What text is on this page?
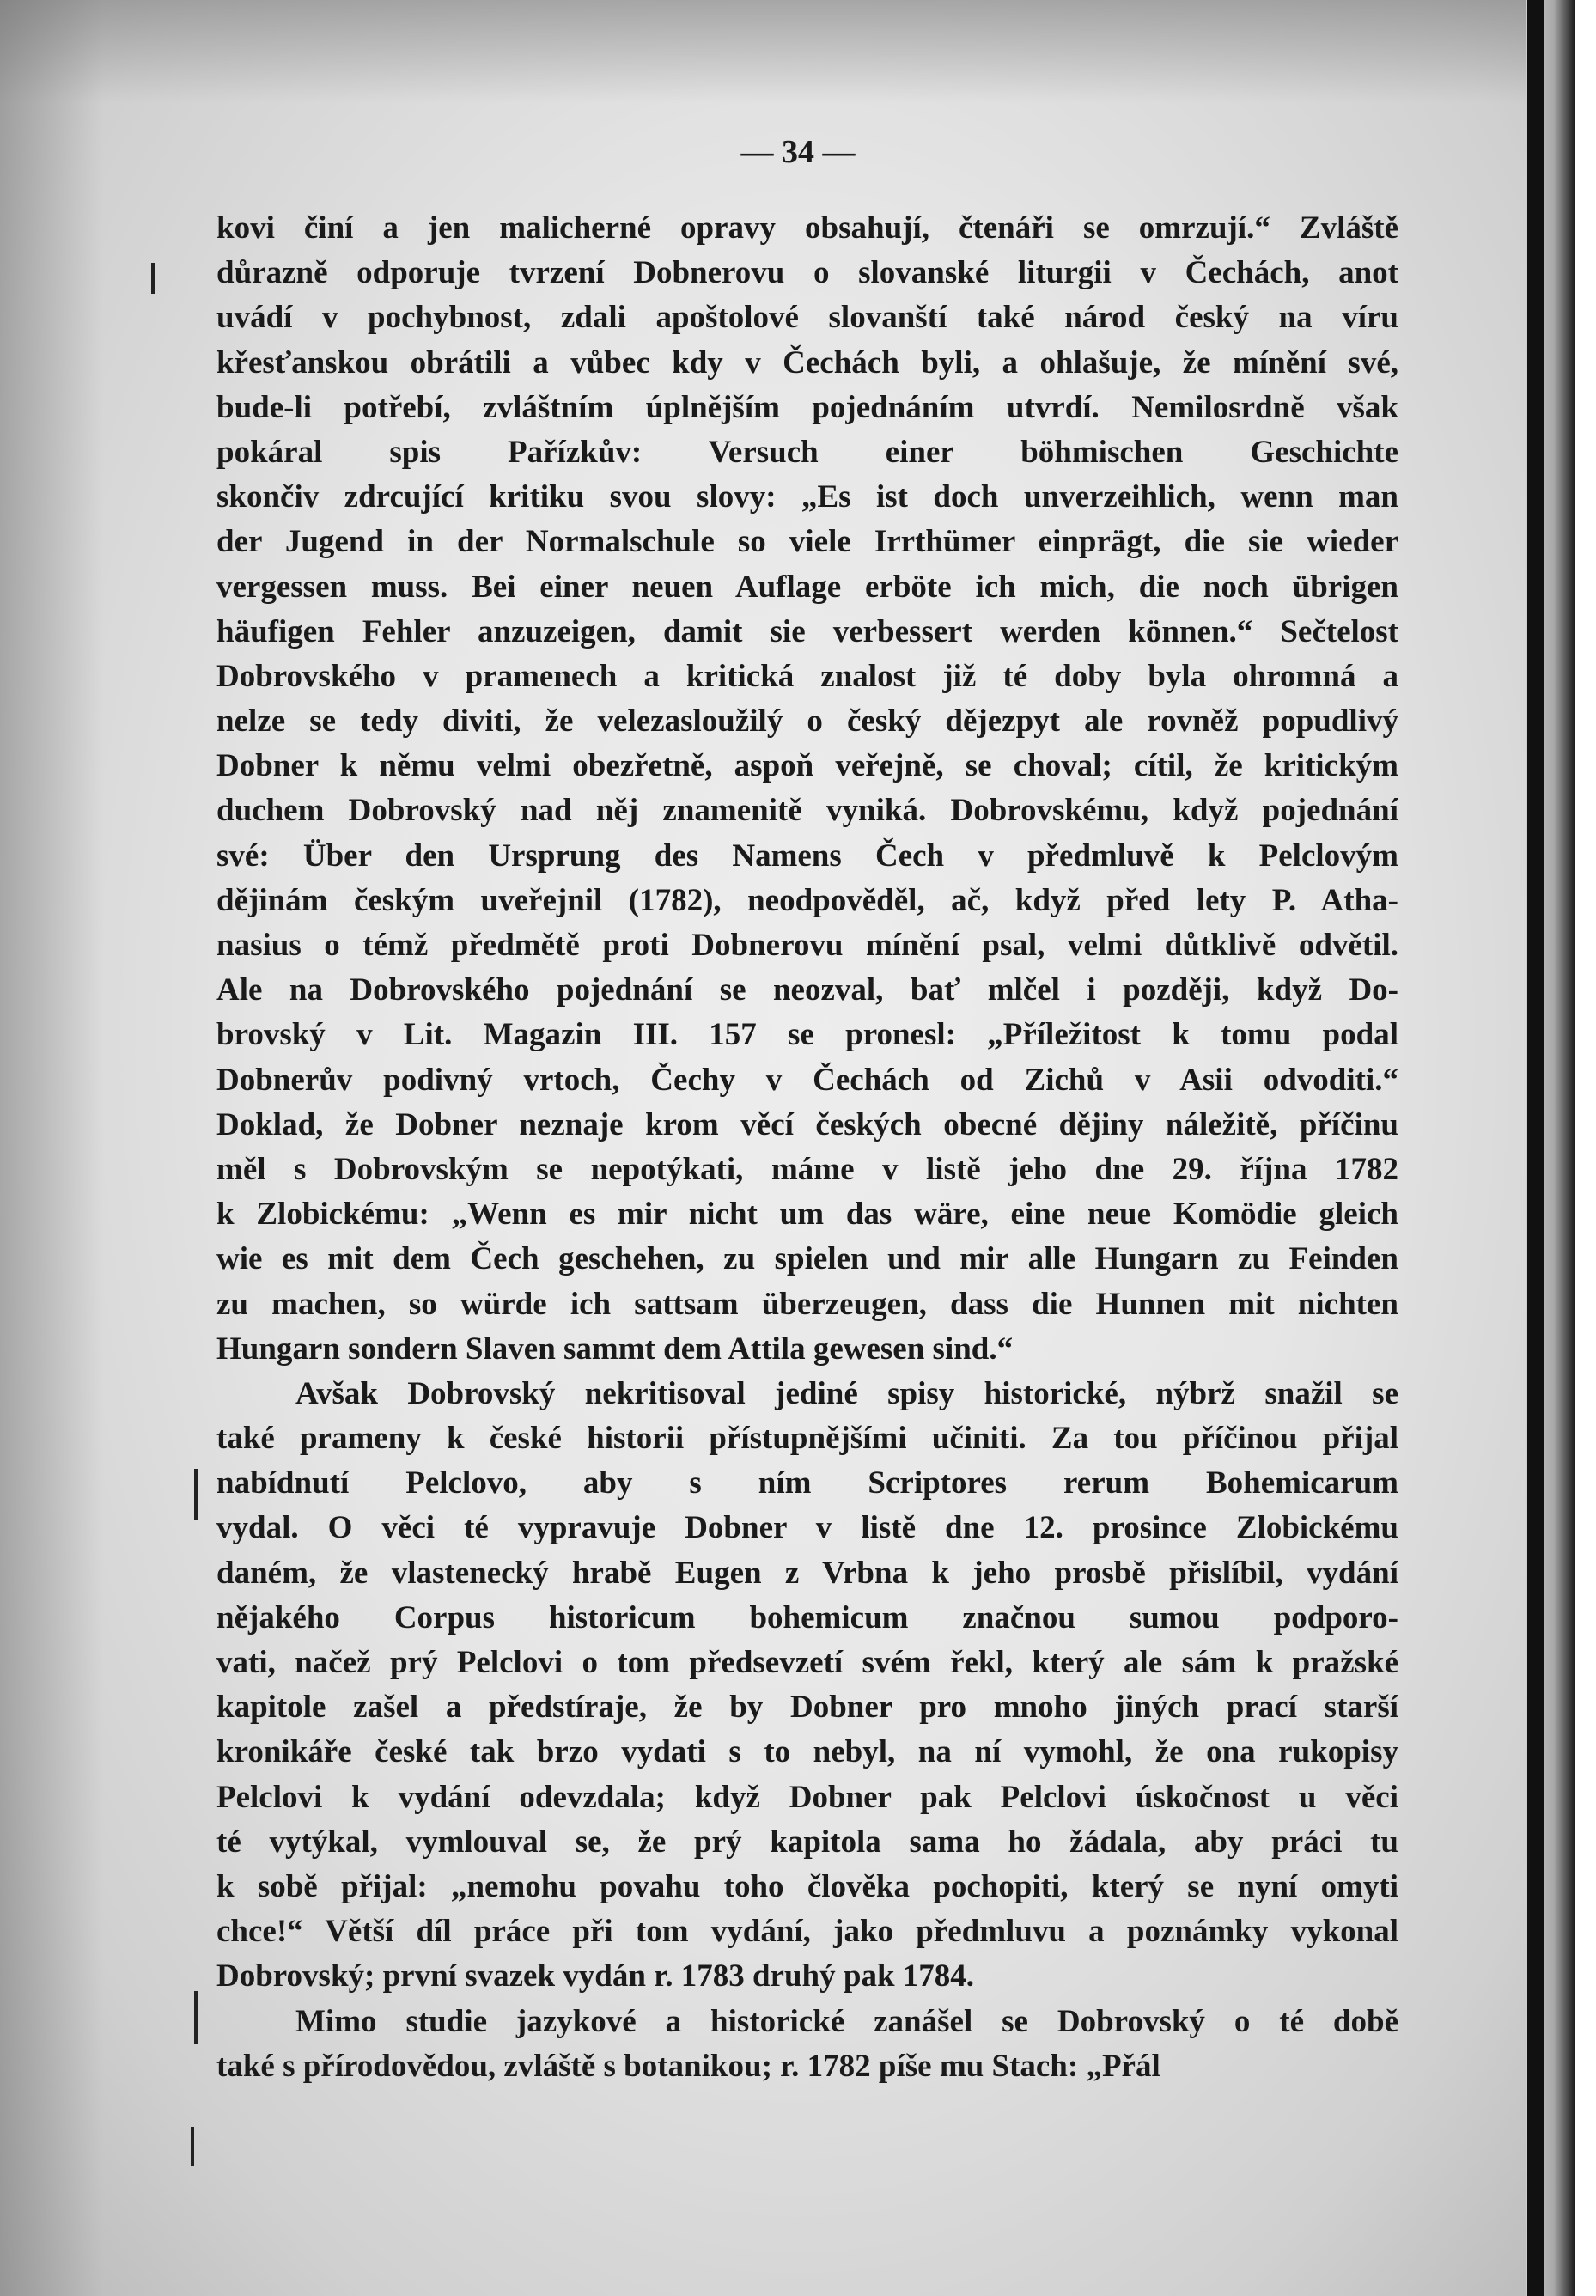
— 34 —
kovi činí a jen malicherné opravy obsahují, čtenáři se omrzují.“ Zvláště
důrazně odporuje tvrzení Dobnerovu o slovanské liturgii v Čechách, anot
uvádí v pochybnost, zdali apoštolové slovanští také národ český na víru
křesťanskou obrátili a vůbec kdy v Čechách byli, a ohlašuje, že mínění své,
bude-li potřebí, zvláštním úplnějším pojednáním utvrdí. Nemilosrdně však
pokáral spis Pařízkův: Versuch einer böhmischen Geschichte
skončiv zdrcující kritiku svou slovy: „Es ist doch unverzeihlich, wenn man
der Jugend in der Normalschule so viele Irrthümer einprägt, die sie wieder
vergessen muss. Bei einer neuen Auflage erböte ich mich, die noch übrigen
häufigen Fehler anzuzeigen, damit sie verbessert werden können.“ Sečtelost
Dobrovského v pramenech a kritická znalost již té doby byla ohromná a
nelze se tedy diviti, že velezasloužilý o český dějezpyt ale rovněž popudlivý
Dobner k němu velmi obezřetně, aspoň veřejně, se choval; cítil, že kritickým
duchem Dobrovský nad něj znamenitě vyniká. Dobrovskému, když pojednání
své: Über den Ursprung des Namens Čech v předmluvě k Pelclovým
dějinám českým uveřejnil (1782), neodpověděl, ač, když před lety P. Atha-
nasius o témž předmětě proti Dobnerovu mínění psal, velmi důtklivě odvětil.
Ale na Dobrovského pojednání se neozval, bať mlčel i později, když Do-
brovský v Lit. Magazin III. 157 se pronesl: „Příležitost k tomu podal
Dobnerův podivný vrtoch, Čechy v Čechách od Zichů v Asii odvoditi.“
Doklad, že Dobner neznaje krom věcí českých obecné dějiny náležitě, příčinu
měl s Dobrovským se nepotýkati, máme v listě jeho dne 29. října 1782
k Zlobickému: „Wenn es mir nicht um das wäre, eine neue Komödie gleich
wie es mit dem Čech geschehen, zu spielen und mir alle Hungarn zu Feinden
zu machen, so würde ich sattsam überzeugen, dass die Hunnen mit nichten
Hungarn sondern Slaven sammt dem Attila gewesen sind.“
Avšak Dobrovský nekritisoval jediné spisy historické, nýbrž snažil se
také prameny k české historii přístupnějšími učiniti. Za tou příčinou přijal
nabídnutí Pelclovo, aby s ním Scriptores rerum Bohemicarum
vydal. O věci té vypravuje Dobner v listě dne 12. prosince Zlobickému
daném, že vlastenecký hrabě Eugen z Vrbna k jeho prosbě přislíbil, vydání
nějakého Corpus historicum bohemicum značnou sumou podporo-
vati, načež prý Pelclovi o tom předsevzetí svém řekl, který ale sám k pražské
kapitole zašel a předstíraje, že by Dobner pro mnoho jiných prací starší
kronikáře české tak brzo vydati s to nebyl, na ní vymohl, že ona rukopisy
Pelclovi k vydání odevzdala; když Dobner pak Pelclovi úskočnost u věci
té vytýkal, vymlouval se, že prý kapitola sama ho žádala, aby práci tu
k sobě přijal: „nemohu povahu toho člověka pochopiti, který se nyní omyti
chce!“ Větší díl práce při tom vydání, jako předmluvu a poznámky vykonal
Dobrovský; první svazek vydán r. 1783 druhý pak 1784.
Mimo studie jazykové a historické zanášel se Dobrovský o té době
také s přírodovědou, zvláště s botanikou; r. 1782 píše mu Stach: „Přál
